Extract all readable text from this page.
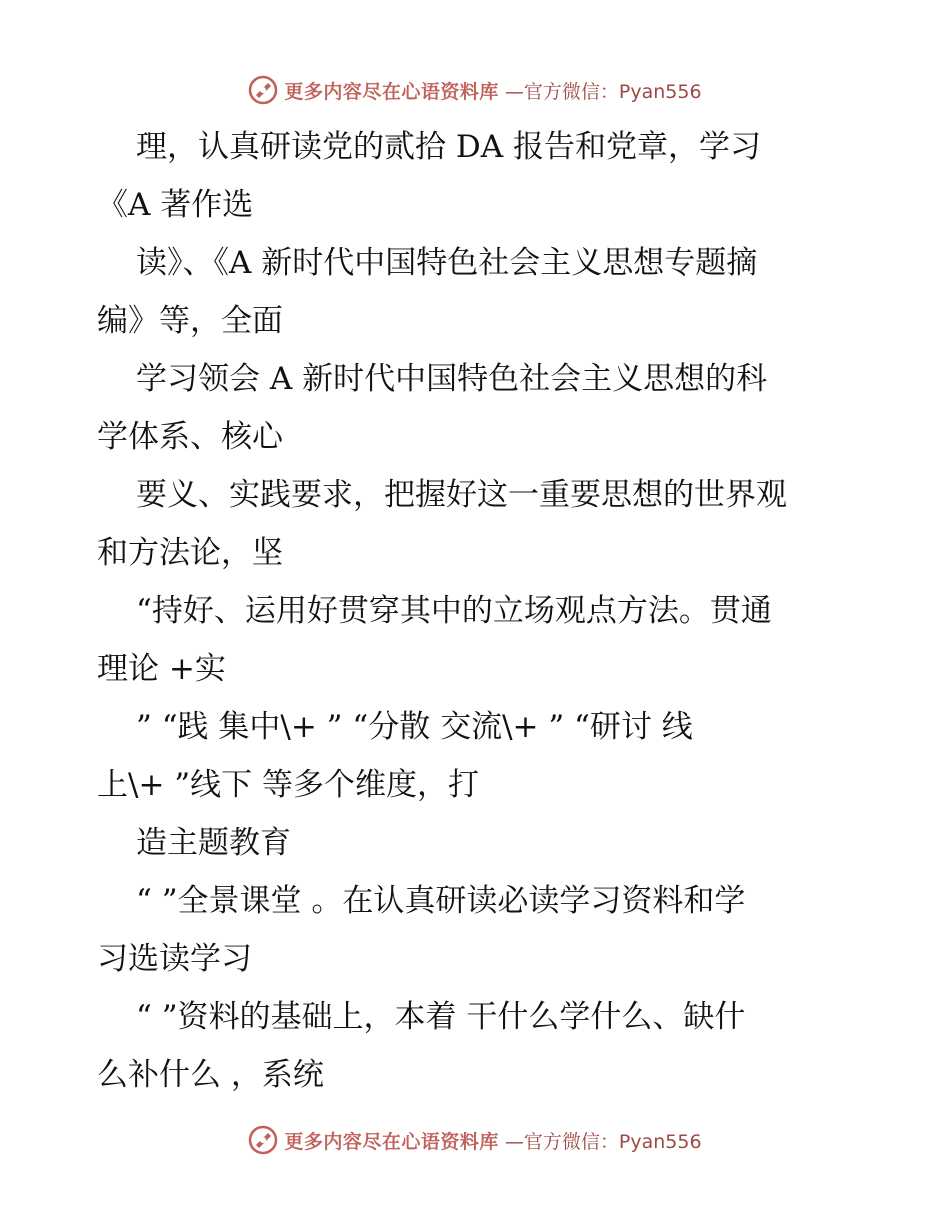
更多内容尽在心语资料库 —官方微信：Pyan556
理，认真研读党的贰拾 DA 报告和党章，学习
《A 著作选
读》、《A 新时代中国特色社会主义思想专题摘
编》等，全面
学习领会 A 新时代中国特色社会主义思想的科
学体系、核心
要义、实践要求，把握好这一重要思想的世界观
和方法论，坚
“持好、运用好贯穿其中的立场观点方法。贯通
理论 +实
” “践 集中\+ ” “分散 交流\+ ” “研讨 线
上\+ ”线下 等多个维度，打
造主题教育
“ ”全景课堂 。在认真研读必读学习资料和学
习选读学习
“ ”资料的基础上，本着 干什么学什么、缺什
么补什么 ，系统
更多内容尽在心语资料库 —官方微信：Pyan556
